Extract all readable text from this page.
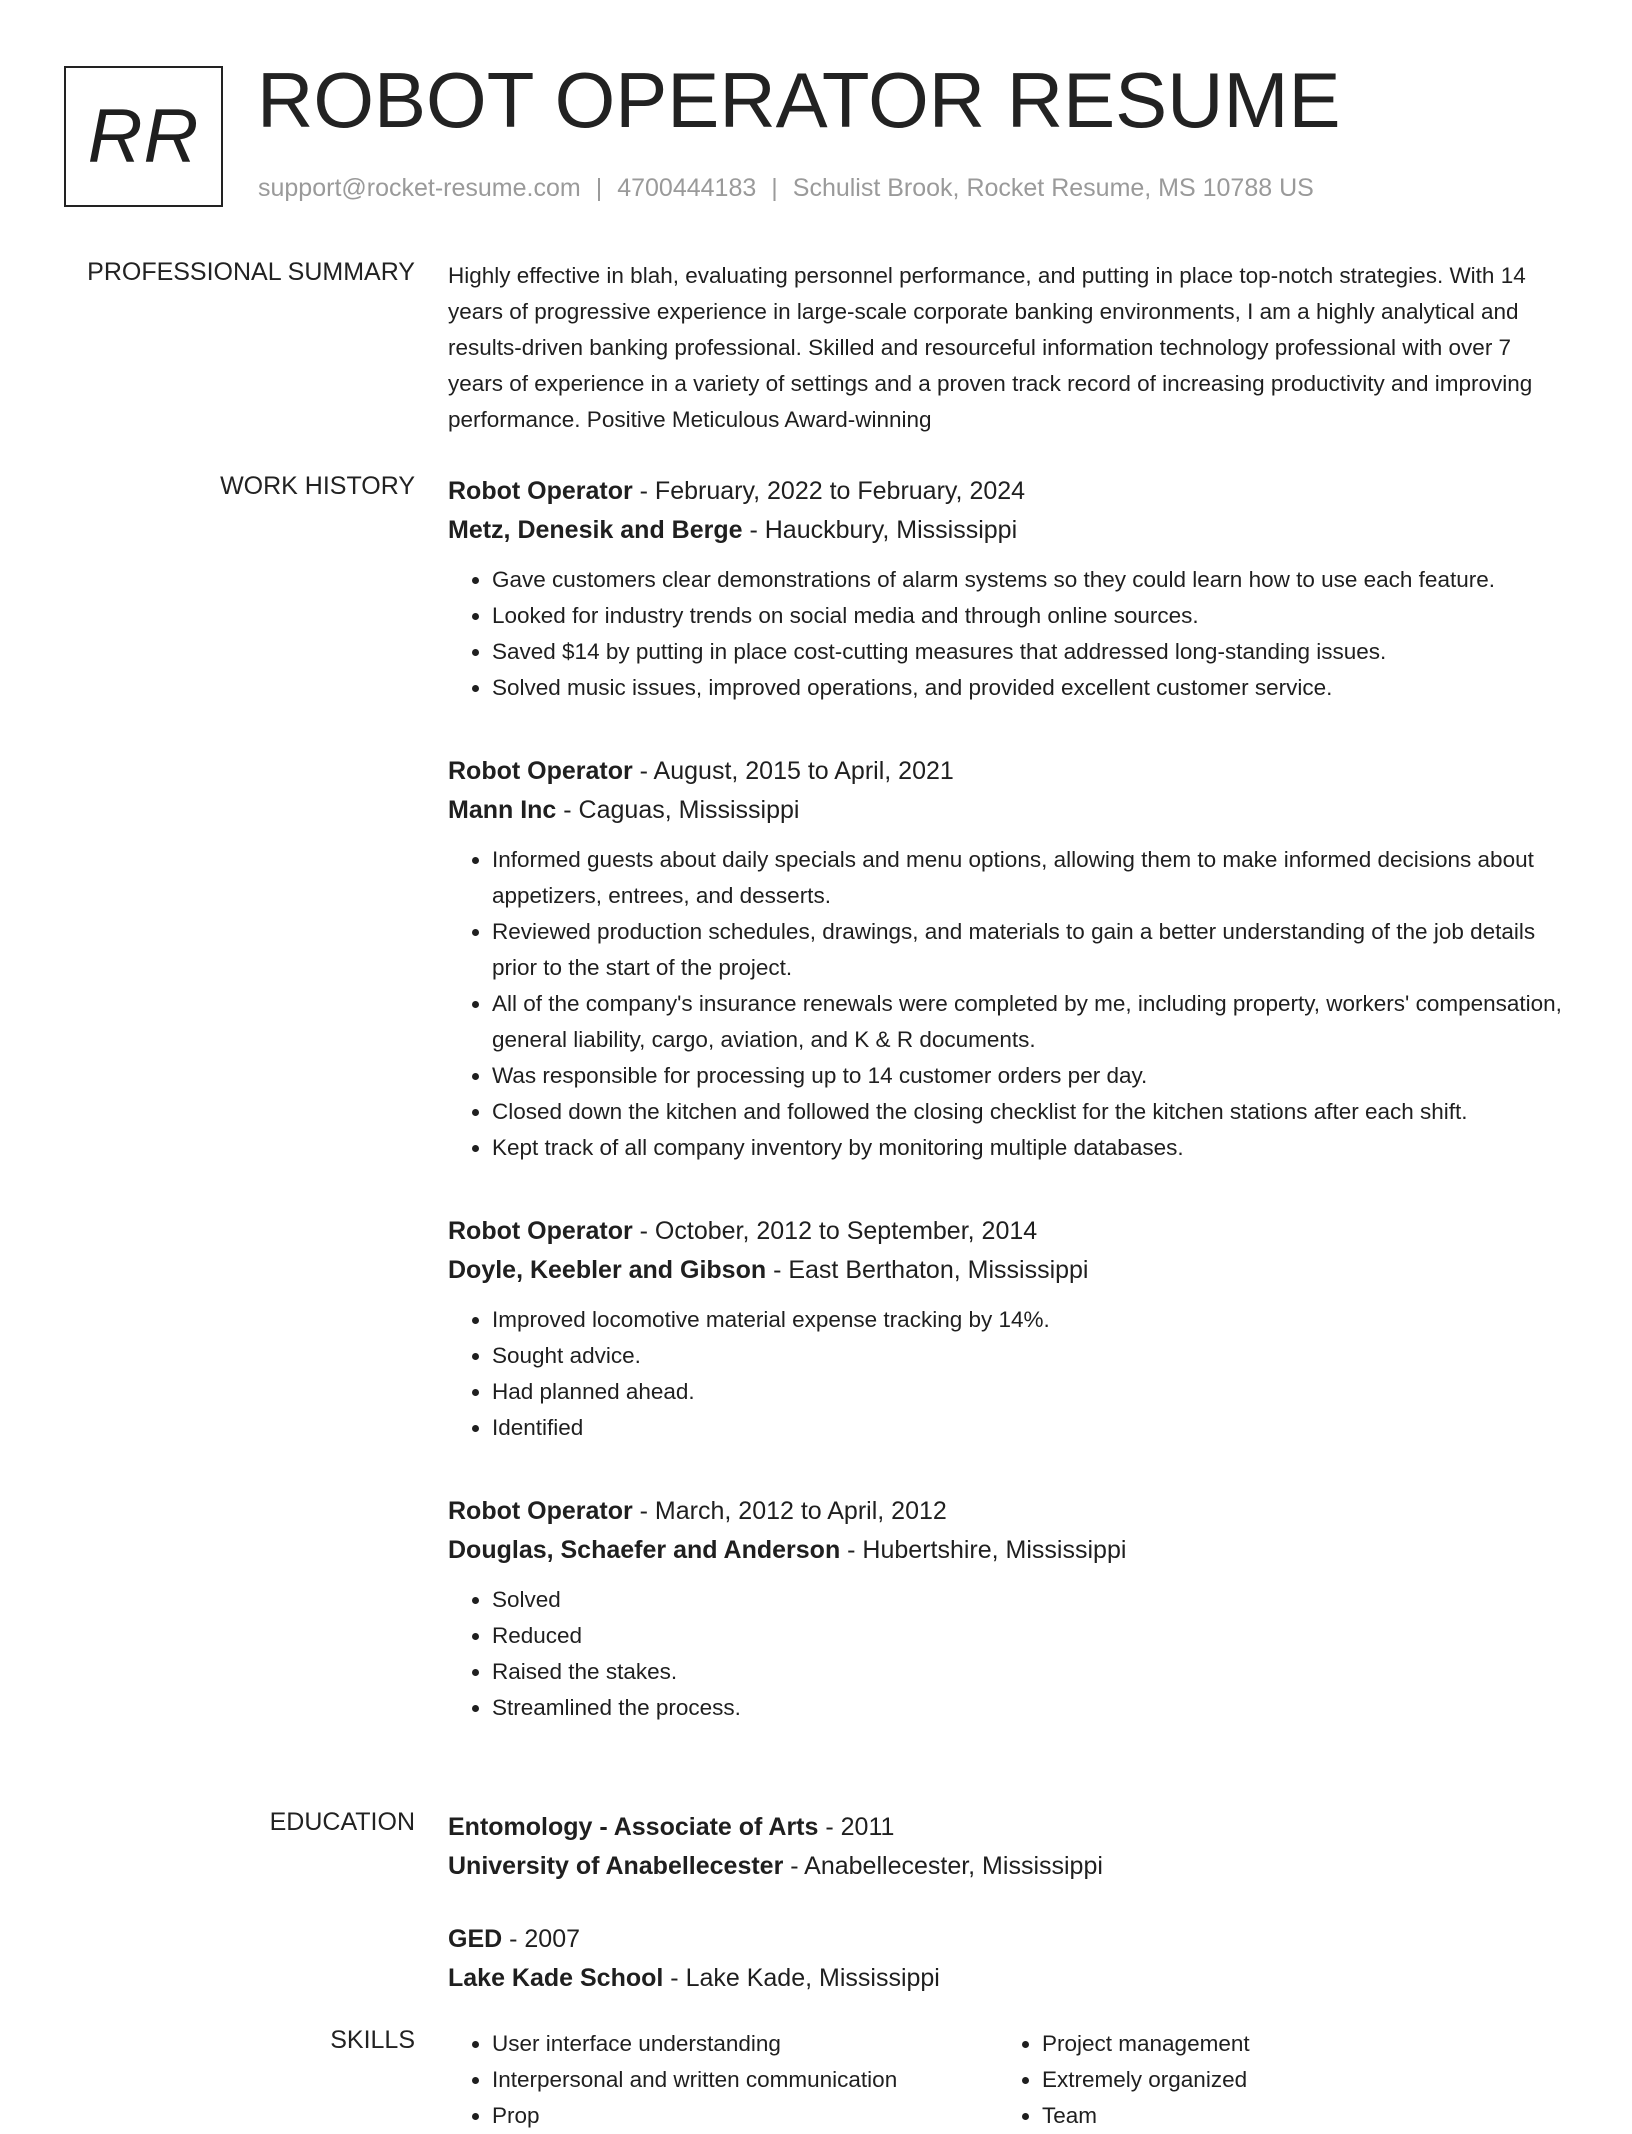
RR ROBOT OPERATOR RESUME
support@rocket-resume.com | 4700444183 | Schulist Brook, Rocket Resume, MS 10788 US
PROFESSIONAL SUMMARY Highly effective in blah, evaluating personnel performance, and putting in place top-notch strategies. With 14 years of progressive experience in large-scale corporate banking environments, I am a highly analytical and results-driven banking professional. Skilled and resourceful information technology professional with over 7 years of experience in a variety of settings and a proven track record of increasing productivity and improving performance. Positive Meticulous Award-winning

WORK HISTORY Robot Operator - February, 2022 to February, 2024
Metz, Denesik and Berge - Hauckbury, Mississippi
• Gave customers clear demonstrations of alarm systems so they could learn how to use each feature.
• Looked for industry trends on social media and through online sources.
• Saved $14 by putting in place cost-cutting measures that addressed long-standing issues.
• Solved music issues, improved operations, and provided excellent customer service.
Robot Operator - August, 2015 to April, 2021
Mann Inc - Caguas, Mississippi
• Informed guests about daily specials and menu options, allowing them to make informed decisions about appetizers, entrees, and desserts.
• Reviewed production schedules, drawings, and materials to gain a better understanding of the job details prior to the start of the project.
• All of the company's insurance renewals were completed by me, including property, workers' compensation, general liability, cargo, aviation, and K & R documents.
• Was responsible for processing up to 14 customer orders per day.
• Closed down the kitchen and followed the closing checklist for the kitchen stations after each shift.
• Kept track of all company inventory by monitoring multiple databases.
Robot Operator - October, 2012 to September, 2014
Doyle, Keebler and Gibson - East Berthaton, Mississippi
• Improved locomotive material expense tracking by 14%.
• Sought advice.
• Had planned ahead.
• Identified
Robot Operator - March, 2012 to April, 2012
Douglas, Schaefer and Anderson - Hubertshire, Mississippi
• Solved
• Reduced
• Raised the stakes.
• Streamlined the process.
EDUCATION Entomology - Associate of Arts - 2011
University of Anabellecester - Anabellecester, Mississippi
GED - 2007
Lake Kade School - Lake Kade, Mississippi
SKILLS
•	User interface understanding
• Interpersonal and written communication
• Prop
• Project management
• Extremely organized
• Team
